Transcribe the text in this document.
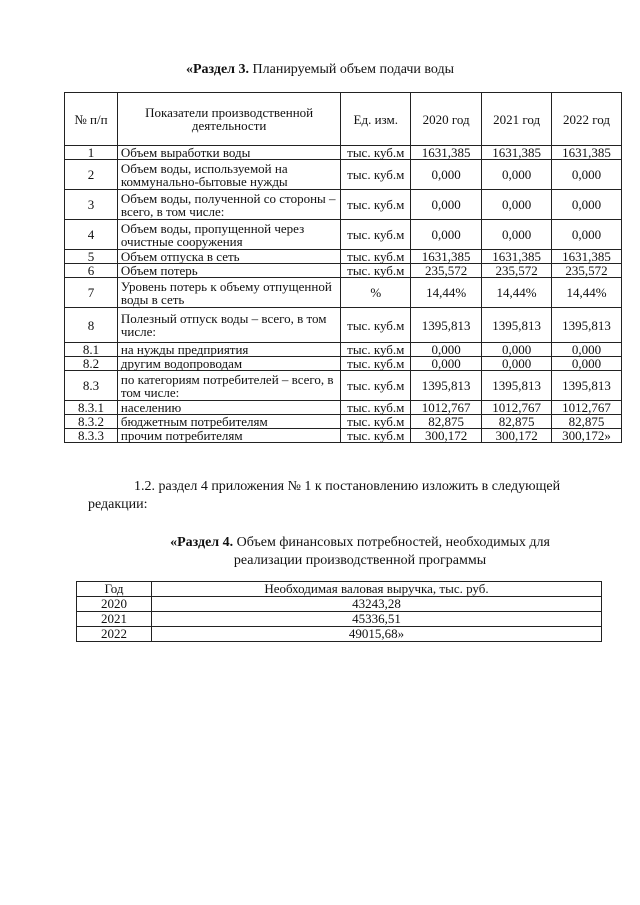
«Раздел 3. Планируемый объем подачи воды
№ п/п	Показатели производственной деятельности	Ед. изм.	2020 год	2021 год	2022 год
1	Объем выработки воды	тыс. куб.м	1631,385	1631,385	1631,385
2	Объем воды, используемой на коммунально-бытовые нужды	тыс. куб.м	0,000	0,000	0,000
3	Объем воды, полученной со стороны – всего, в том числе:	тыс. куб.м	0,000	0,000	0,000
4	Объем воды, пропущенной через очистные сооружения	тыс. куб.м	0,000	0,000	0,000
5	Объем отпуска в сеть	тыс. куб.м	1631,385	1631,385	1631,385
6	Объем потерь	тыс. куб.м	235,572	235,572	235,572
7	Уровень потерь к объему отпущенной воды в сеть	%	14,44%	14,44%	14,44%
8	Полезный отпуск воды – всего, в том числе:	тыс. куб.м	1395,813	1395,813	1395,813
8.1	на нужды предприятия	тыс. куб.м	0,000	0,000	0,000
8.2	другим водопроводам	тыс. куб.м	0,000	0,000	0,000
8.3	по категориям потребителей – всего, в том числе:	тыс. куб.м	1395,813	1395,813	1395,813
8.3.1	населению	тыс. куб.м	1012,767	1012,767	1012,767
8.3.2	бюджетным потребителям	тыс. куб.м	82,875	82,875	82,875
8.3.3	прочим потребителям	тыс. куб.м	300,172	300,172	300,172»
1.2. раздел 4 приложения № 1 к постановлению изложить в следующей
редакции:
«Раздел 4. Объем финансовых потребностей, необходимых для
реализации производственной программы
Год	Необходимая валовая выручка, тыс. руб.
2020	43243,28
2021	45336,51
2022	49015,68»
